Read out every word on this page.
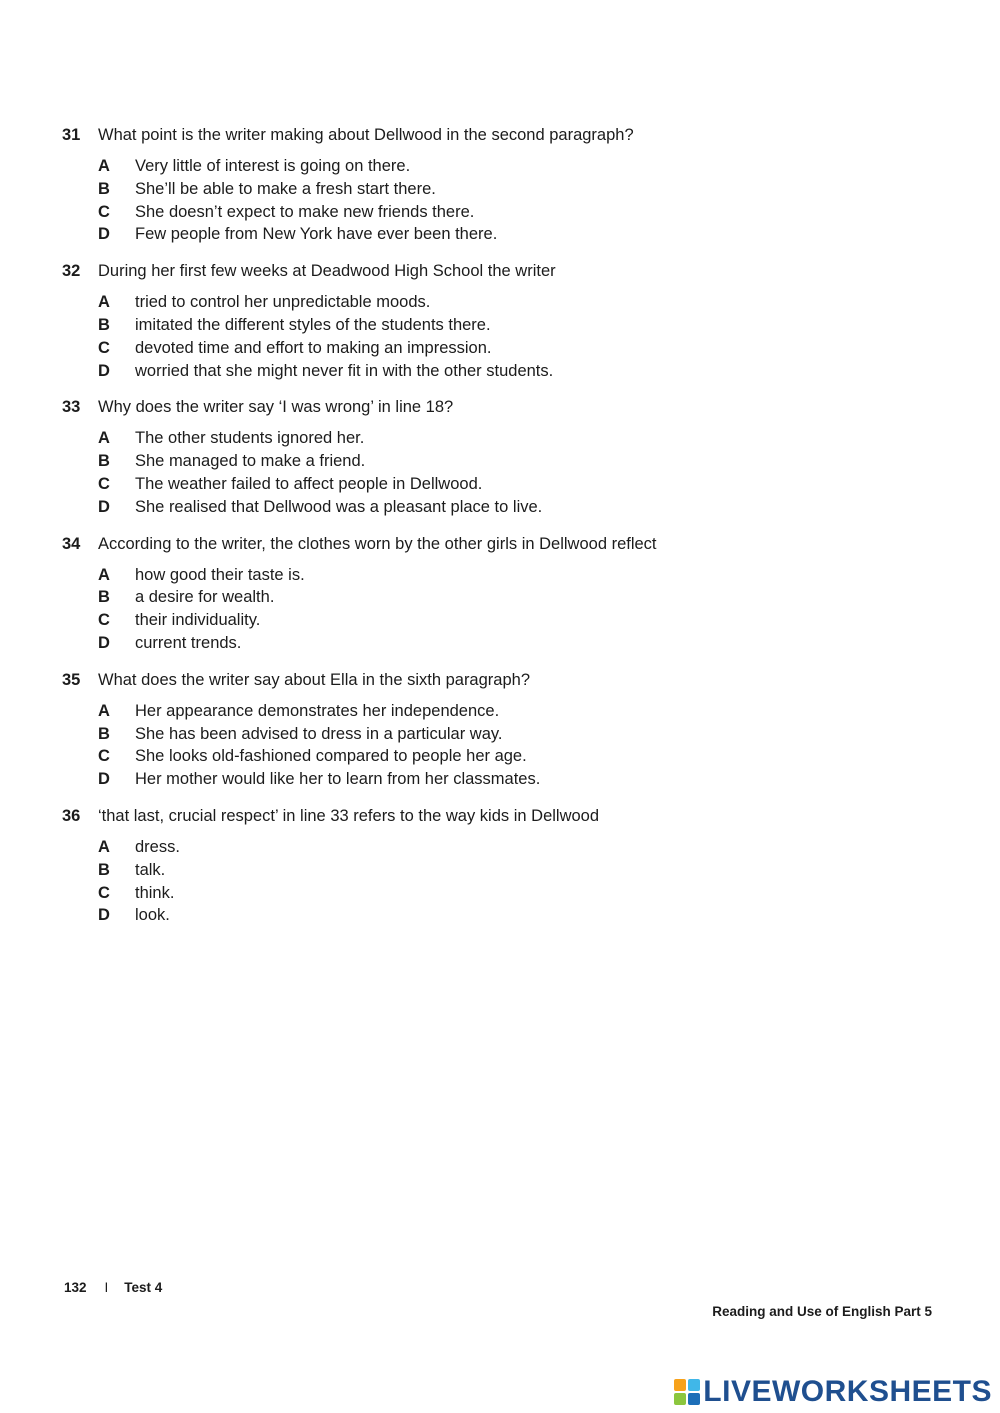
31	What point is the writer making about Dellwood in the second paragraph?
A	Very little of interest is going on there.
B	She’ll be able to make a fresh start there.
C	She doesn’t expect to make new friends there.
D	Few people from New York have ever been there.
32	During her first few weeks at Deadwood High School the writer
A	tried to control her unpredictable moods.
B	imitated the different styles of the students there.
C	devoted time and effort to making an impression.
D	worried that she might never fit in with the other students.
33	Why does the writer say ‘I was wrong’ in line 18?
A	The other students ignored her.
B	She managed to make a friend.
C	The weather failed to affect people in Dellwood.
D	She realised that Dellwood was a pleasant place to live.
34	According to the writer, the clothes worn by the other girls in Dellwood reflect
A	how good their taste is.
B	a desire for wealth.
C	their individuality.
D	current trends.
35	What does the writer say about Ella in the sixth paragraph?
A	Her appearance demonstrates her independence.
B	She has been advised to dress in a particular way.
C	She looks old-fashioned compared to people her age.
D	Her mother would like her to learn from her classmates.
36	‘that last, crucial respect’ in line 33 refers to the way kids in Dellwood
A	dress.
B	talk.
C	think.
D	look.
132 I Test 4
Reading and Use of English Part 5
LIVEWORKSHEETS
